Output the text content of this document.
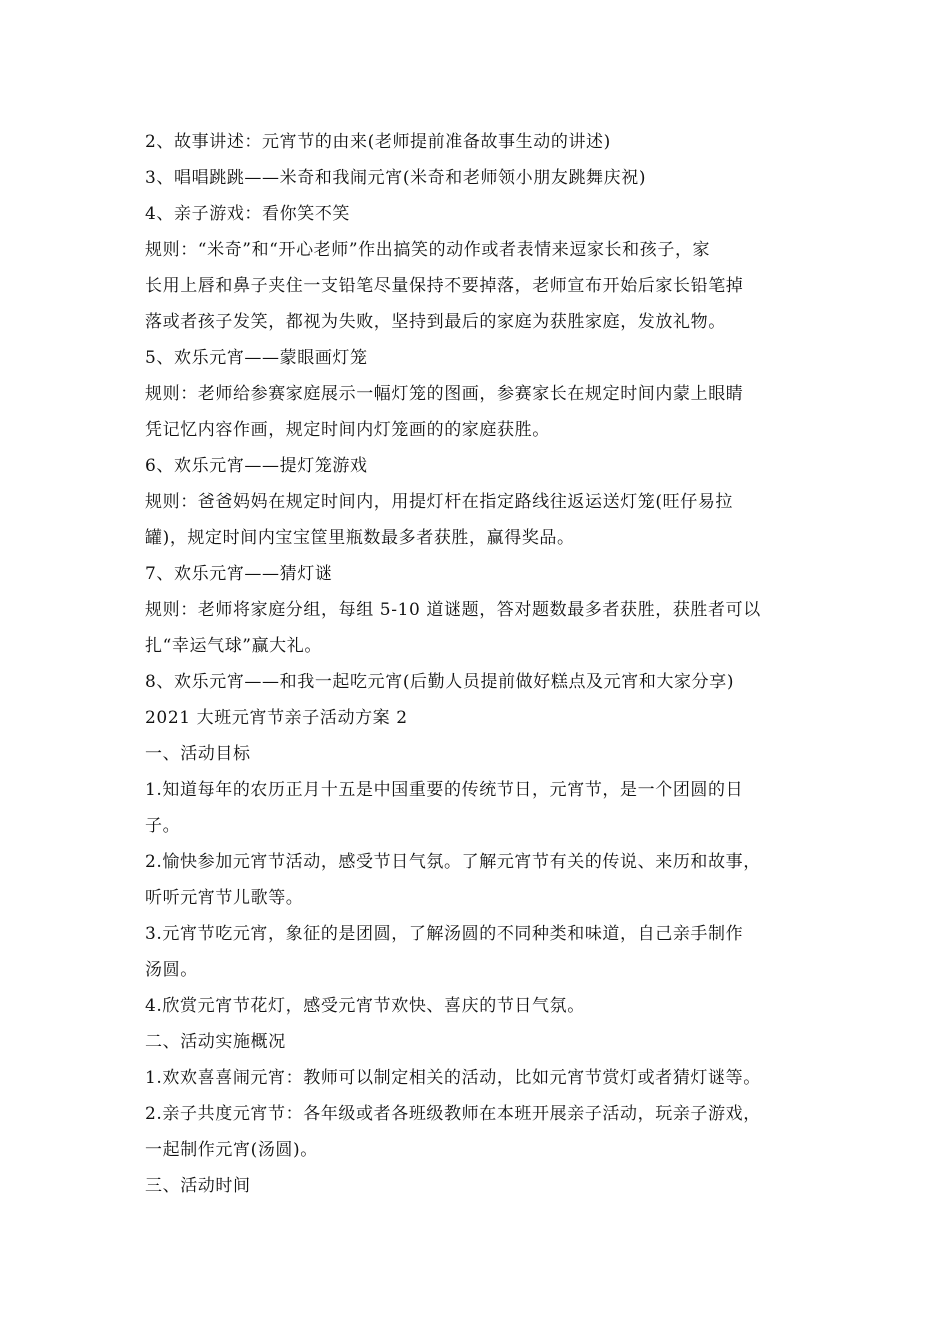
2、故事讲述：元宵节的由来(老师提前准备故事生动的讲述)
3、唱唱跳跳——米奇和我闹元宵(米奇和老师领小朋友跳舞庆祝)
4、亲子游戏：看你笑不笑
规则：“米奇”和“开心老师”作出搞笑的动作或者表情来逗家长和孩子，家
长用上唇和鼻子夹住一支铅笔尽量保持不要掉落，老师宣布开始后家长铅笔掉
落或者孩子发笑，都视为失败，坚持到最后的家庭为获胜家庭，发放礼物。
5、欢乐元宵——蒙眼画灯笼
规则：老师给参赛家庭展示一幅灯笼的图画，参赛家长在规定时间内蒙上眼睛
凭记忆内容作画，规定时间内灯笼画的的家庭获胜。
6、欢乐元宵——提灯笼游戏
规则：爸爸妈妈在规定时间内，用提灯杆在指定路线往返运送灯笼(旺仔易拉
罐)，规定时间内宝宝筐里瓶数最多者获胜，赢得奖品。
7、欢乐元宵——猜灯谜
规则：老师将家庭分组，每组 5-10 道谜题，答对题数最多者获胜，获胜者可以
扎“幸运气球”赢大礼。
8、欢乐元宵——和我一起吃元宵(后勤人员提前做好糕点及元宵和大家分享)
2021 大班元宵节亲子活动方案 2
一、活动目标
1.知道每年的农历正月十五是中国重要的传统节日，元宵节，是一个团圆的日
子。
2.愉快参加元宵节活动，感受节日气氛。了解元宵节有关的传说、来历和故事，
听听元宵节儿歌等。
3.元宵节吃元宵，象征的是团圆，了解汤圆的不同种类和味道，自己亲手制作
汤圆。
4.欣赏元宵节花灯，感受元宵节欢快、喜庆的节日气氛。
二、活动实施概况
1.欢欢喜喜闹元宵：教师可以制定相关的活动，比如元宵节赏灯或者猜灯谜等。
2.亲子共度元宵节：各年级或者各班级教师在本班开展亲子活动，玩亲子游戏，
一起制作元宵(汤圆)。
三、活动时间
